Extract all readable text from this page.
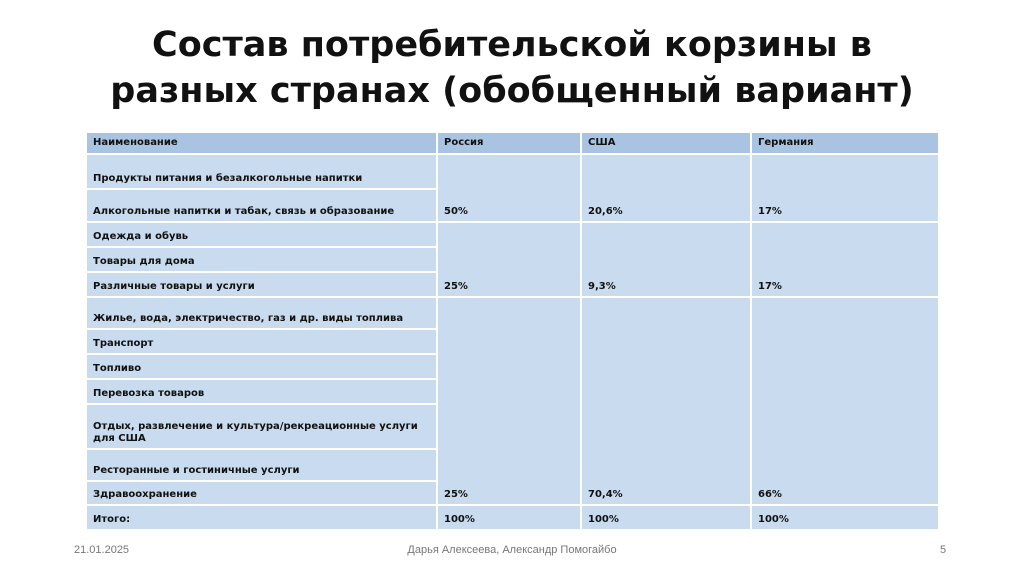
Состав потребительской корзины в
разных странах (обобщенный вариант)
Наименование	Россия	США	Германия
Продукты питания и безалкогольные напитки	50%	20,6%	17%
Алкогольные напитки и табак, связь и образование			
Одежда и обувь	25%	9,3%	17%
Товары для дома			
Различные товары и услуги			
Жилье, вода, электричество, газ и др. виды топлива	25%	70,4%	66%
Транспорт			
Топливо			
Перевозка товаров			
Отдых, развлечение и культура/рекреационные услуги для США			
Ресторанные и гостиничные услуги			
Здравоохранение			
Итого:	100%	100%	100%
21.01.2025	Дарья Алексеева, Александр Помогайбо	5
